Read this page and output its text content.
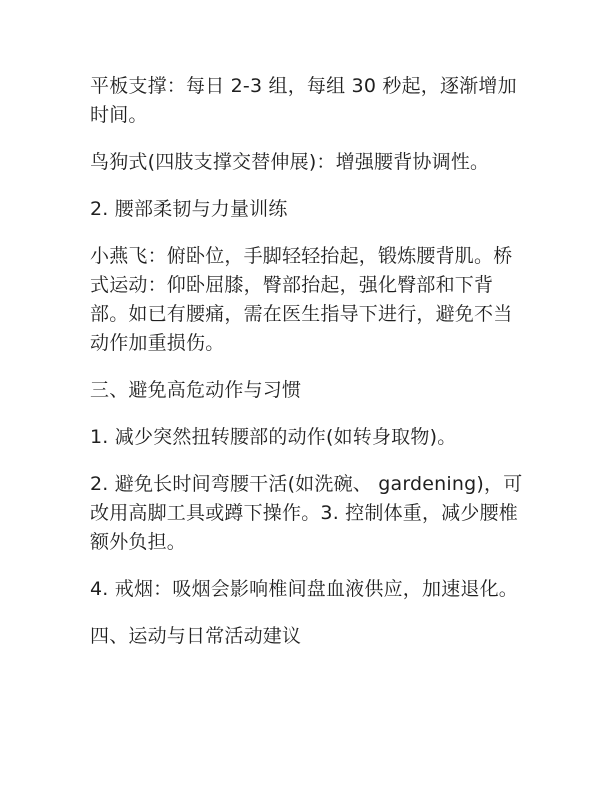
平板支撑：每日 2-3 组，每组 30 秒起，逐渐增加时间。

鸟狗式(四肢支撑交替伸展)：增强腰背协调性。

2. 腰部柔韧与力量训练

小燕飞：俯卧位，手脚轻轻抬起，锻炼腰背肌。桥式运动：仰卧屈膝，臀部抬起，强化臀部和下背部。如已有腰痛，需在医生指导下进行，避免不当动作加重损伤。

三、避免高危动作与习惯

1. 减少突然扭转腰部的动作(如转身取物)。

2. 避免长时间弯腰干活(如洗碗、 gardening)，可改用高脚工具或蹲下操作。3. 控制体重，减少腰椎额外负担。

4. 戒烟：吸烟会影响椎间盘血液供应，加速退化。

四、运动与日常活动建议
